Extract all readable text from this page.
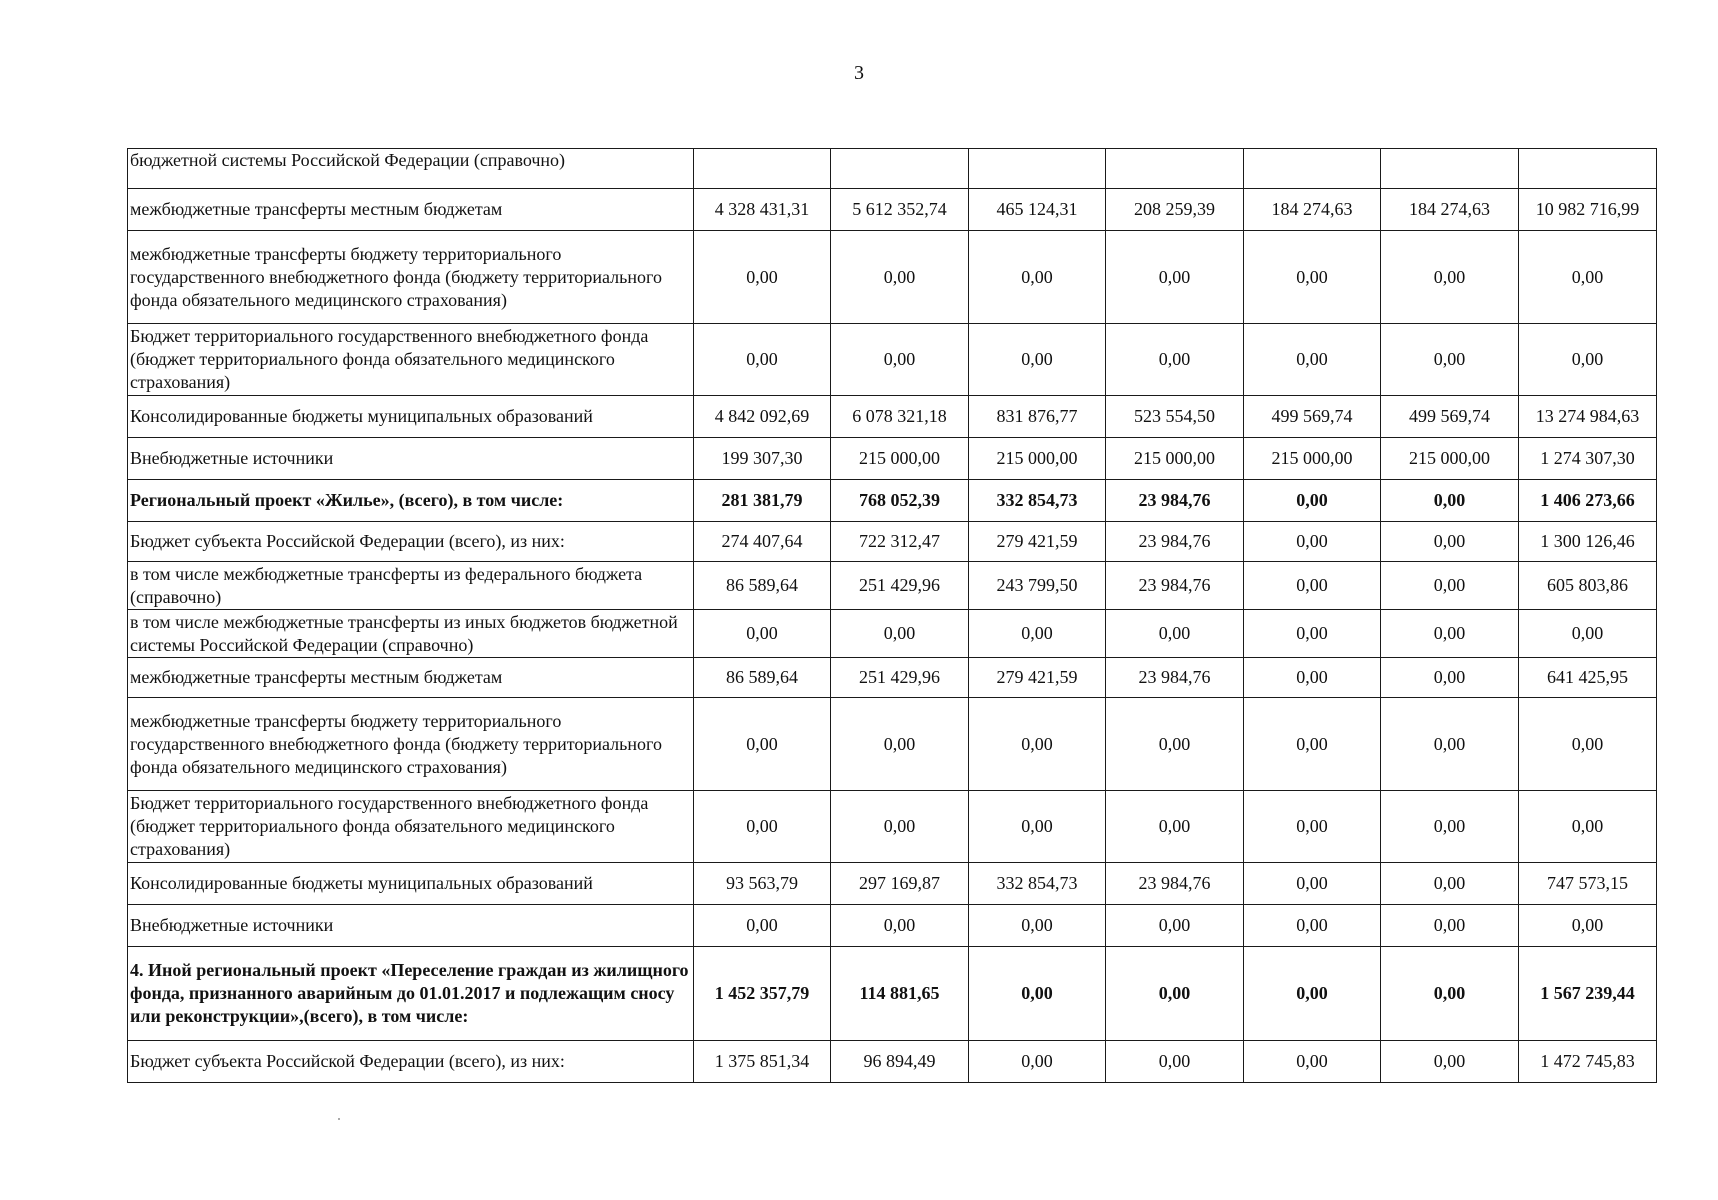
3
бюджетной системы Российской Федерации (справочно)							
межбюджетные трансферты местным бюджетам	4 328 431,31	5 612 352,74	465 124,31	208 259,39	184 274,63	184 274,63	10 982 716,99
межбюджетные трансферты бюджету территориального государственного внебюджетного фонда (бюджету территориального фонда обязательного медицинского страхования)	0,00	0,00	0,00	0,00	0,00	0,00	0,00
Бюджет территориального государственного внебюджетного фонда (бюджет территориального фонда обязательного медицинского страхования)	0,00	0,00	0,00	0,00	0,00	0,00	0,00
Консолидированные бюджеты муниципальных образований	4 842 092,69	6 078 321,18	831 876,77	523 554,50	499 569,74	499 569,74	13 274 984,63
Внебюджетные источники	199 307,30	215 000,00	215 000,00	215 000,00	215 000,00	215 000,00	1 274 307,30
Региональный проект «Жилье», (всего), в том числе:	281 381,79	768 052,39	332 854,73	23 984,76	0,00	0,00	1 406 273,66
Бюджет субъекта Российской Федерации (всего), из них:	274 407,64	722 312,47	279 421,59	23 984,76	0,00	0,00	1 300 126,46
в том числе межбюджетные трансферты из федерального бюджета (справочно)	86 589,64	251 429,96	243 799,50	23 984,76	0,00	0,00	605 803,86
в том числе межбюджетные трансферты из иных бюджетов бюджетной системы Российской Федерации (справочно)	0,00	0,00	0,00	0,00	0,00	0,00	0,00
межбюджетные трансферты местным бюджетам	86 589,64	251 429,96	279 421,59	23 984,76	0,00	0,00	641 425,95
межбюджетные трансферты бюджету территориального государственного внебюджетного фонда (бюджету территориального фонда обязательного медицинского страхования)	0,00	0,00	0,00	0,00	0,00	0,00	0,00
Бюджет территориального государственного внебюджетного фонда (бюджет территориального фонда обязательного медицинского страхования)	0,00	0,00	0,00	0,00	0,00	0,00	0,00
Консолидированные бюджеты муниципальных образований	93 563,79	297 169,87	332 854,73	23 984,76	0,00	0,00	747 573,15
Внебюджетные источники	0,00	0,00	0,00	0,00	0,00	0,00	0,00
4. Иной региональный проект «Переселение граждан из жилищного фонда, признанного аварийным до 01.01.2017 и подлежащим сносу или реконструкции»,(всего), в том числе:	1 452 357,79	114 881,65	0,00	0,00	0,00	0,00	1 567 239,44
Бюджет субъекта Российской Федерации (всего), из них:	1 375 851,34	96 894,49	0,00	0,00	0,00	0,00	1 472 745,83
